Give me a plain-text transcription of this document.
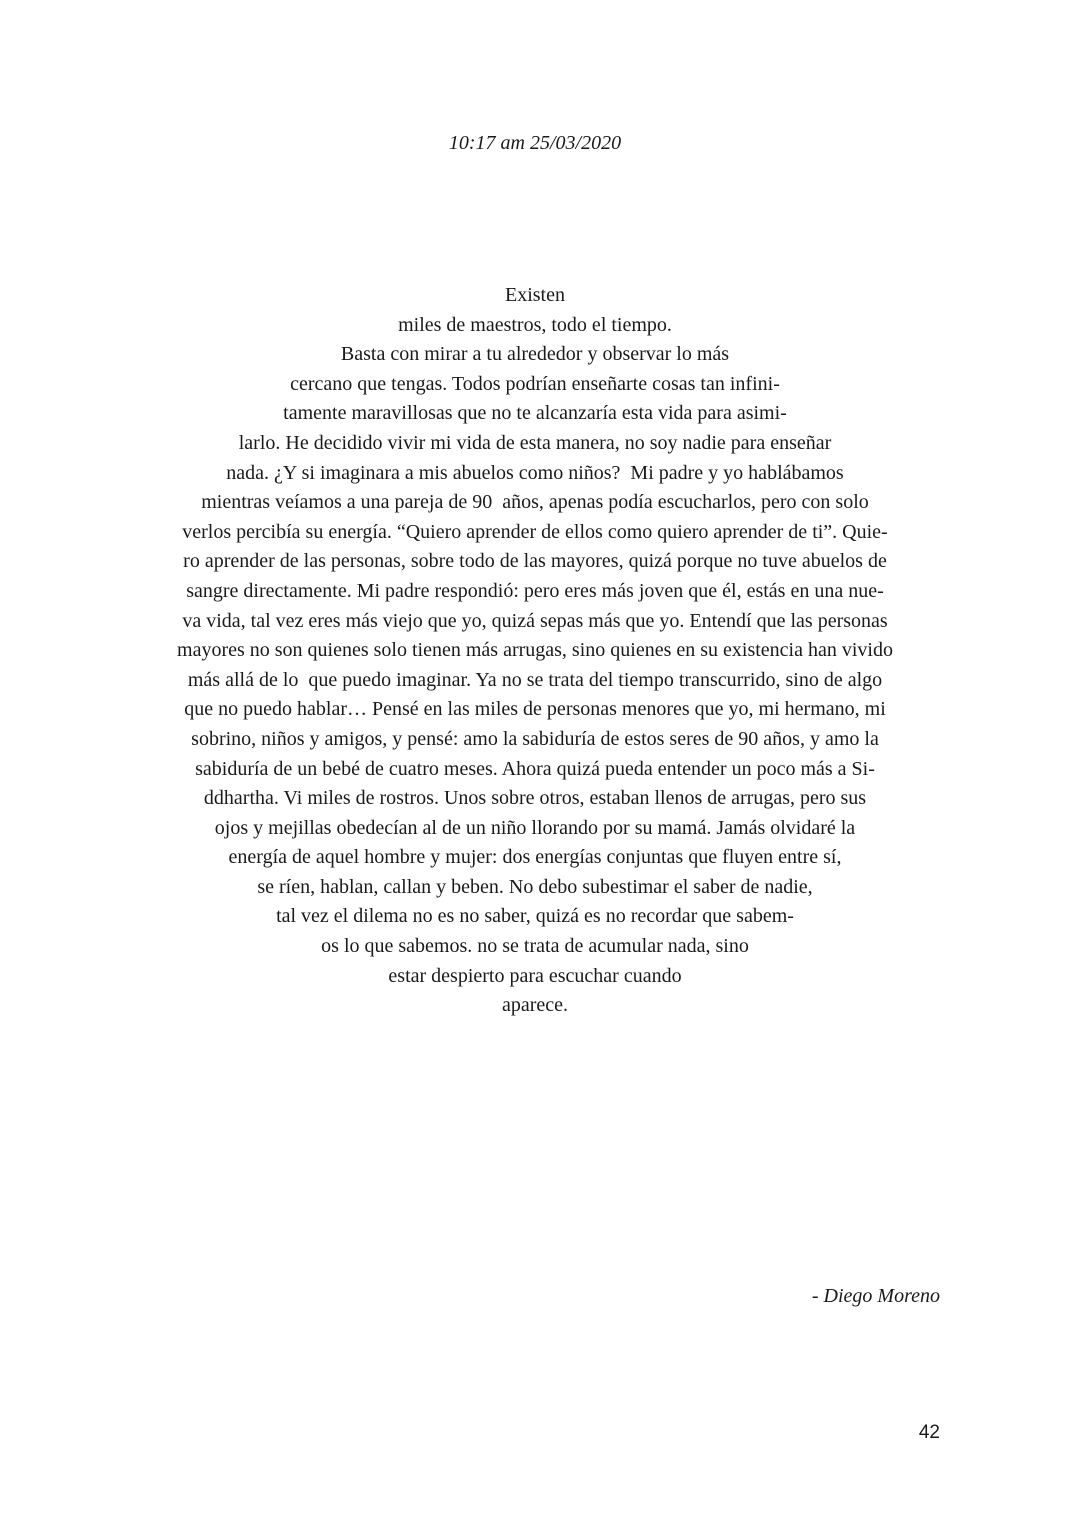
10:17 am 25/03/2020

Existen
miles de maestros, todo el tiempo.
Basta con mirar a tu alrededor y observar lo más
cercano que tengas. Todos podrían enseñarte cosas tan infini-
tamente maravillosas que no te alcanzaría esta vida para asimi-
larlo. He decidido vivir mi vida de esta manera, no soy nadie para enseñar
nada. ¿Y si imaginara a mis abuelos como niños?  Mi padre y yo hablábamos
mientras veíamos a una pareja de 90  años, apenas podía escucharlos, pero con solo
verlos percibía su energía. “Quiero aprender de ellos como quiero aprender de ti”. Quie-
ro aprender de las personas, sobre todo de las mayores, quizá porque no tuve abuelos de
sangre directamente. Mi padre respondió: pero eres más joven que él, estás en una nue-
va vida, tal vez eres más viejo que yo, quizá sepas más que yo. Entendí que las personas
mayores no son quienes solo tienen más arrugas, sino quienes en su existencia han vivido
más allá de lo  que puedo imaginar. Ya no se trata del tiempo transcurrido, sino de algo
que no puedo hablar… Pensé en las miles de personas menores que yo, mi hermano, mi
sobrino, niños y amigos, y pensé: amo la sabiduría de estos seres de 90 años, y amo la
sabiduría de un bebé de cuatro meses. Ahora quizá pueda entender un poco más a Si-
ddhartha. Vi miles de rostros. Unos sobre otros, estaban llenos de arrugas, pero sus
ojos y mejillas obedecían al de un niño llorando por su mamá. Jamás olvidaré la
energía de aquel hombre y mujer: dos energías conjuntas que fluyen entre sí,
se ríen, hablan, callan y beben. No debo subestimar el saber de nadie,
tal vez el dilema no es no saber, quizá es no recordar que sabem-
os lo que sabemos. no se trata de acumular nada, sino
estar despierto para escuchar cuando
aparece.

- Diego Moreno
42
